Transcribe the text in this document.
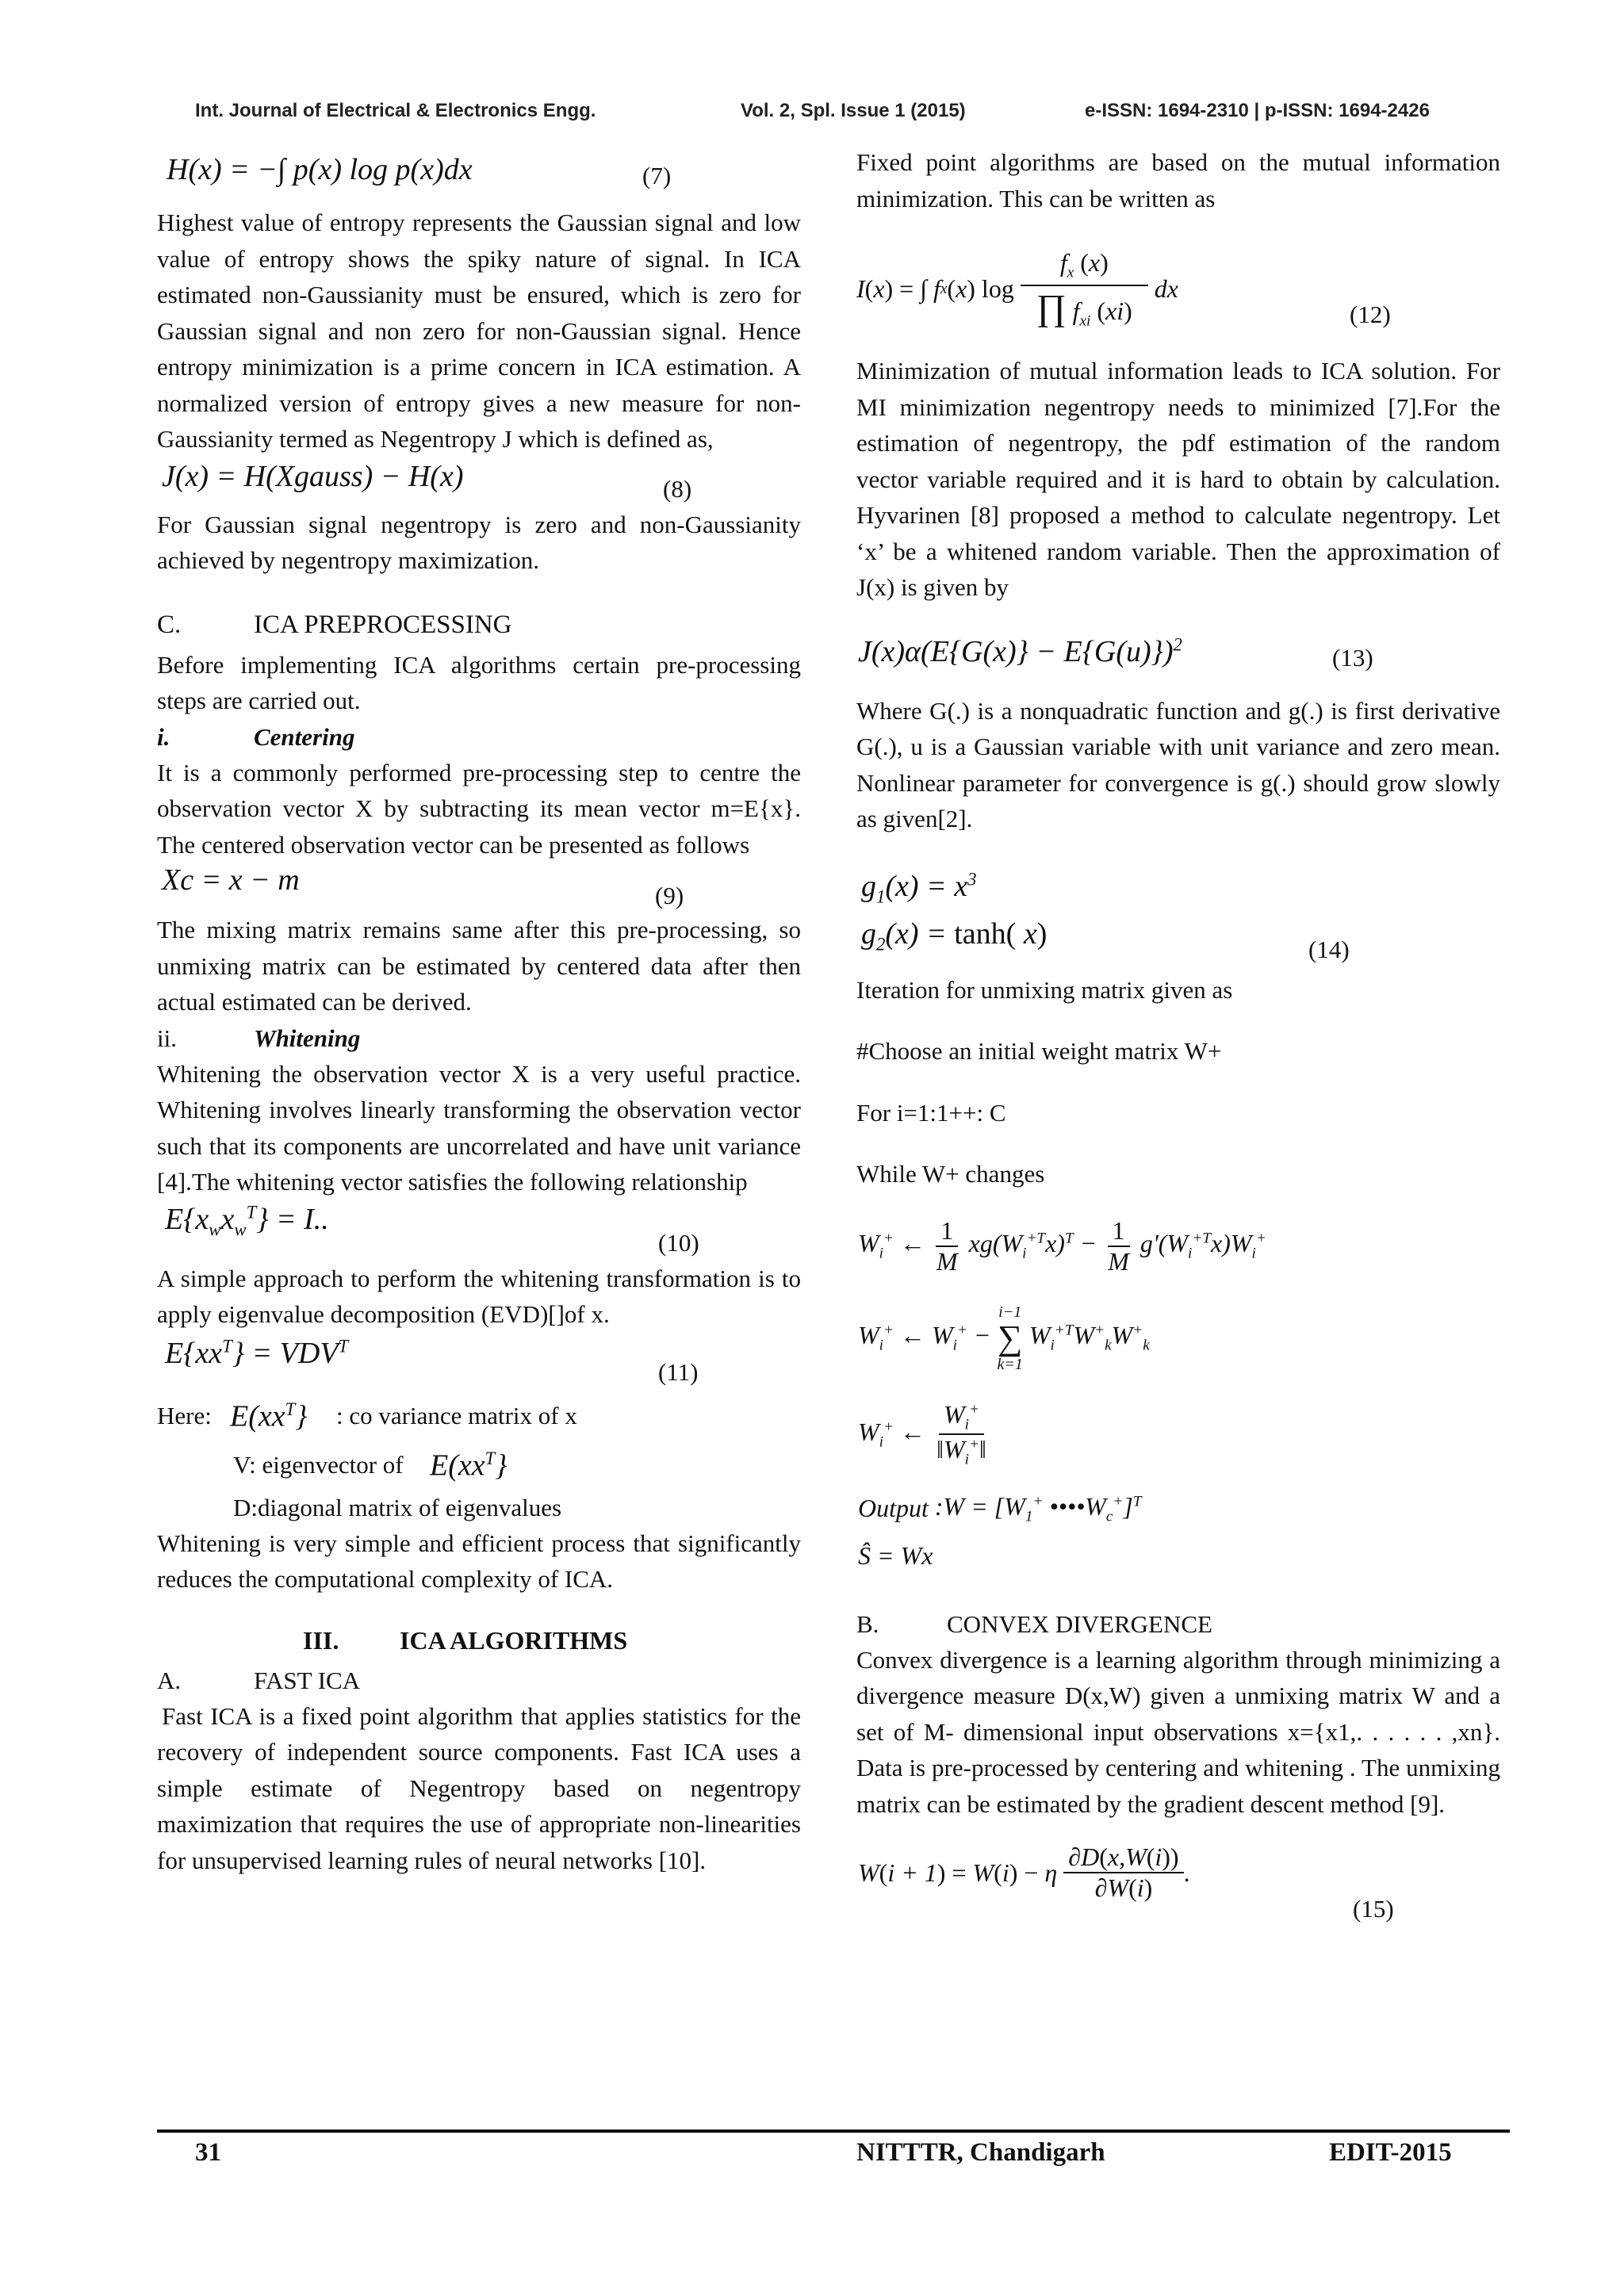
Int. Journal of Electrical & Electronics Engg.	Vol. 2, Spl. Issue 1 (2015)	e-ISSN: 1694-2310 | p-ISSN: 1694-2426
H(x) = −∫ p(x) log p(x)dx	(7)

Highest value of entropy represents the Gaussian signal and low value of entropy shows the spiky nature of signal. In ICA estimated non-Gaussianity must be ensured, which is zero for Gaussian signal and non zero for non-Gaussian signal. Hence entropy minimization is a prime concern in ICA estimation. A normalized version of entropy gives a new measure for non-Gaussianity termed as Negentropy J which is defined as,

J(x) = H(Xgauss) − H(x)	(8)

For Gaussian signal negentropy is zero and non-Gaussianity achieved by negentropy maximization.

C.	ICA PREPROCESSING

Before implementing ICA algorithms certain pre-processing steps are carried out.

i.	Centering

It is a commonly performed pre-processing step to centre the observation vector X by subtracting its mean vector m=E{x}. The centered observation vector can be presented as follows

Xc = x − m	(9)

The mixing matrix remains same after this pre-processing, so unmixing matrix can be estimated by centered data after then actual estimated can be derived.

ii.	Whitening

Whitening the observation vector X is a very useful practice. Whitening involves linearly transforming the observation vector such that its components are uncorrelated and have unit variance [4].The whitening vector satisfies the following relationship

$E\{x_wx_w^T\} = I$..
(10)

A simple approach to perform the whitening transformation is to apply eigenvalue decomposition (EVD)[]of x.

$E\{xx^T\} = VDV^T$
(11)
Here: $E(xx^T\}$ : co variance matrix of x
V: eigenvector of $E(xx^T\}$
D:diagonal matrix of eigenvalues

Whitening is very simple and efficient process that significantly reduces the computational complexity of ICA.

III. ICA ALGORITHMS
A.	FAST ICA

Fast ICA is a fixed point algorithm that applies statistics for the recovery of independent source components. Fast ICA uses a simple estimate of Negentropy based on negentropy maximization that requires the use of appropriate non-linearities for unsupervised learning rules of neural networks [10].

Fixed point algorithms are based on the mutual information minimization. This can be written as

I ( x ) = ∫ f x ( x ) $\log \frac{f_x (x)}{\prod f_{xi} (xi)}$ dx
(12)

Minimization of mutual information leads to ICA solution. For MI minimization negentropy needs to minimized [7].For the estimation of negentropy, the pdf estimation of the random vector variable required and it is hard to obtain by calculation. Hyvarinen [8] proposed a method to calculate negentropy. Let ‘x’ be a whitened random variable. Then the approximation of J(x) is given by

$J(x)\alpha(E\{G(x)\} - E\{G(u)\})^2$	(13)

Where G(.) is a nonquadratic function and g(.) is first derivative G(.), u is a Gaussian variable with unit variance and zero mean. Nonlinear parameter for convergence is g(.) should grow slowly as given[2].

$g_1(x) = x^3$
$g_2(x) = \tanh$( x)	(14)

Iteration for unmixing matrix given as

#Choose an initial weight matrix W+

For i=1:1++: C

While W+ changes

$W_i^+$ ← $\frac{1}{M} xg(W_i^{+T}x)^T - \frac{1}{M} g'(W_i^{+T}x)W_i^+$
$W_i^+$ ← $W_i^+$ −
i−1
∑
k=1
$W_i^{+T}W^+_kW^+_k$
$W_i^+$ ← $\frac{W_i^+}{‖W_i^+‖}$
Output :W = [$W_1^+$ $••••W_c^+]^T$
Ŝ = Wx
B.	CONVEX DIVERGENCE

Convex divergence is a learning algorithm through minimizing a divergence measure D(x,W) given a unmixing matrix W and a set of M- dimensional input observations x={x1,. . . . . . ,xn}. Data is pre-processed by centering and whitening . The unmixing matrix can be estimated by the gradient descent method [9].

W(i + 1) = W(i) − η $\frac{\partial D(x,W(i))}{\partial W(i)}$ .
(15)
31	NITTTR, Chandigarh	EDIT-2015
